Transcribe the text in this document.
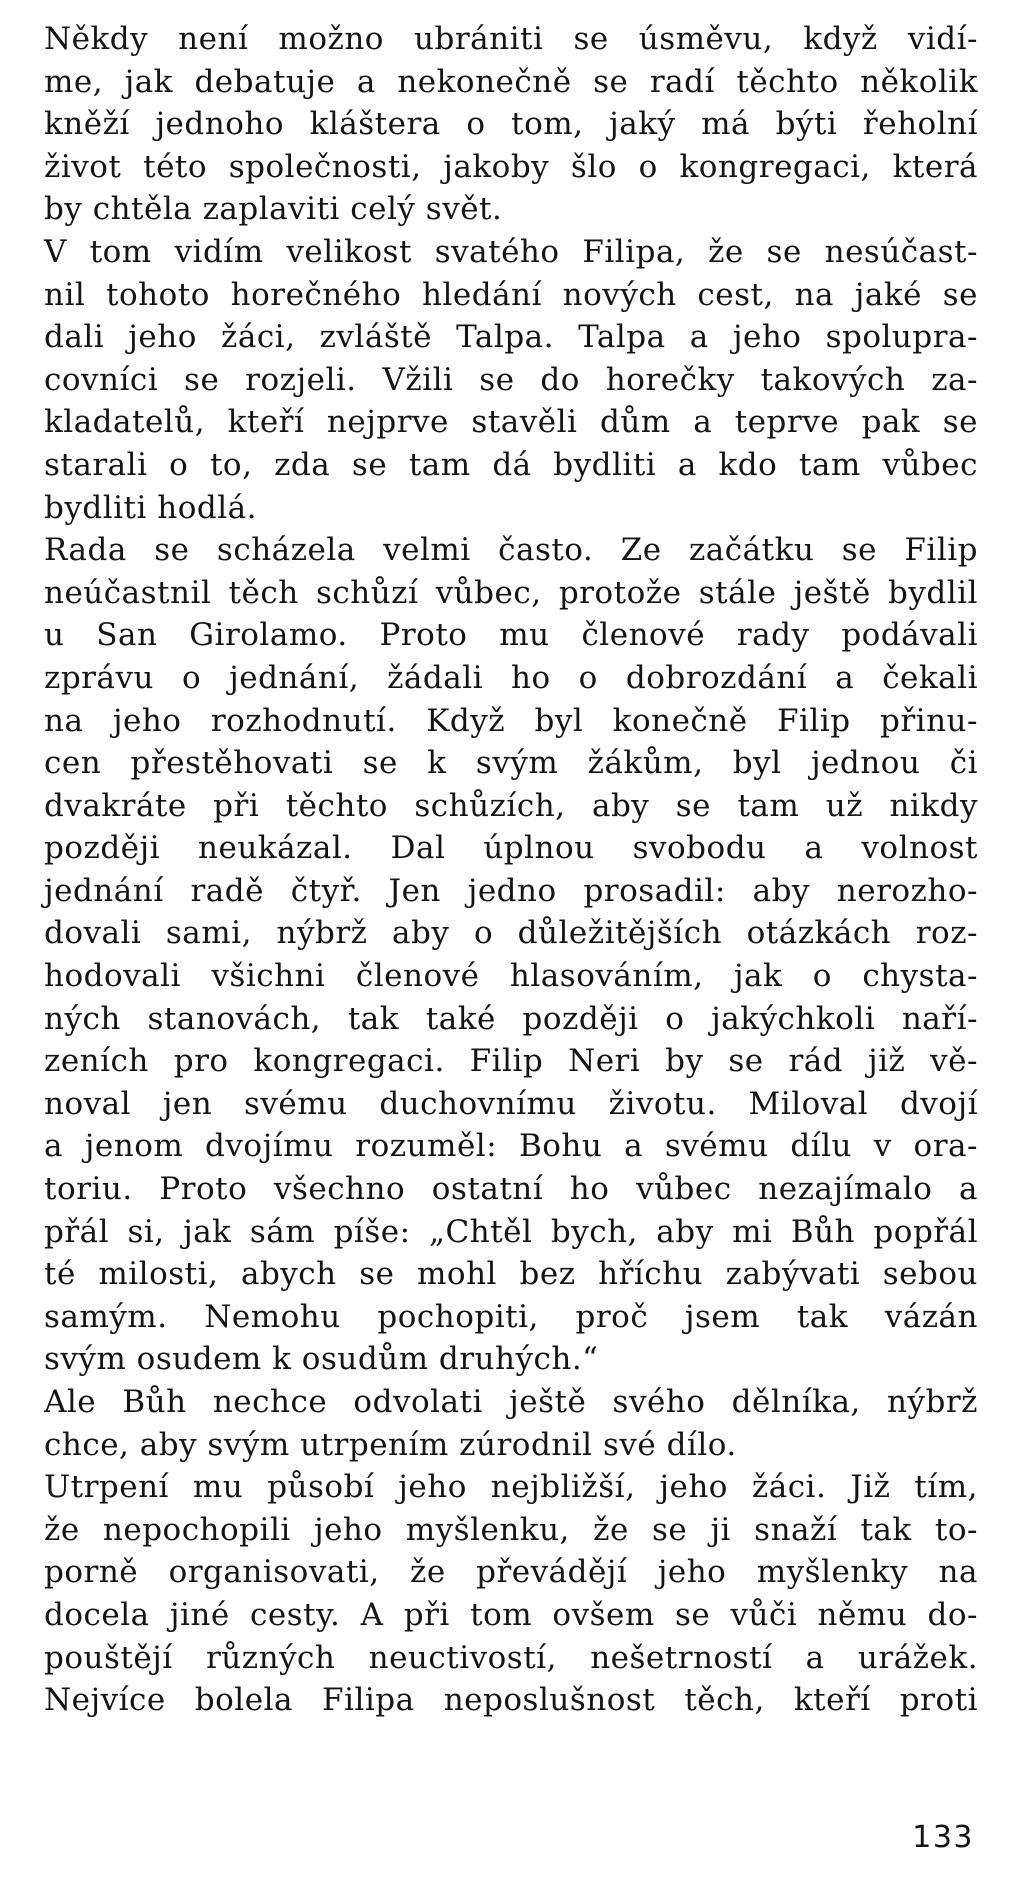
Někdy není možno ubrániti se úsměvu, když vidí-
me, jak debatuje a nekonečně se radí těchto několik
kněží jednoho kláštera o tom, jaký má býti řeholní
život této společnosti, jakoby šlo o kongregaci, která
by chtěla zaplaviti celý svět.

V tom vidím velikost svatého Filipa, že se nesúčast-
nil tohoto horečného hledání nových cest, na jaké se
dali jeho žáci, zvláště Talpa. Talpa a jeho spolupra-
covníci se rozjeli. Vžili se do horečky takových za-
kladatelů, kteří nejprve stavěli dům a teprve pak se
starali o to, zda se tam dá bydliti a kdo tam vůbec
bydliti hodlá.

Rada se scházela velmi často. Ze začátku se Filip
neúčastnil těch schůzí vůbec, protože stále ještě bydlil
u San Girolamo. Proto mu členové rady podávali
zprávu o jednání, žádali ho o dobrozdání a čekali
na jeho rozhodnutí. Když byl konečně Filip přinu-
cen přestěhovati se k svým žákům, byl jednou či
dvakráte při těchto schůzích, aby se tam už nikdy
později neukázal. Dal úplnou svobodu a volnost
jednání radě čtyř. Jen jedno prosadil: aby nerozho-
dovali sami, nýbrž aby o důležitějších otázkách roz-
hodovali všichni členové hlasováním, jak o chysta-
ných stanovách, tak také později o jakýchkoli naří-
zeních pro kongregaci. Filip Neri by se rád již vě-
noval jen svému duchovnímu životu. Miloval dvojí
a jenom dvojímu rozuměl: Bohu a svému dílu v ora-
toriu. Proto všechno ostatní ho vůbec nezajímalo a
přál si, jak sám píše: „Chtěl bych, aby mi Bůh popřál
té milosti, abych se mohl bez hříchu zabývati sebou
samým. Nemohu pochopiti, proč jsem tak vázán
svým osudem k osudům druhých.“

Ale Bůh nechce odvolati ještě svého dělníka, nýbrž
chce, aby svým utrpením zúrodnil své dílo.

Utrpení mu působí jeho nejbližší, jeho žáci. Již tím,
že nepochopili jeho myšlenku, že se ji snaží tak to-
porně organisovati, že převádějí jeho myšlenky na
docela jiné cesty. A při tom ovšem se vůči němu do-
pouštějí různých neuctivostí, nešetrností a urážek.
Nejvíce bolela Filipa neposlušnost těch, kteří proti

133
